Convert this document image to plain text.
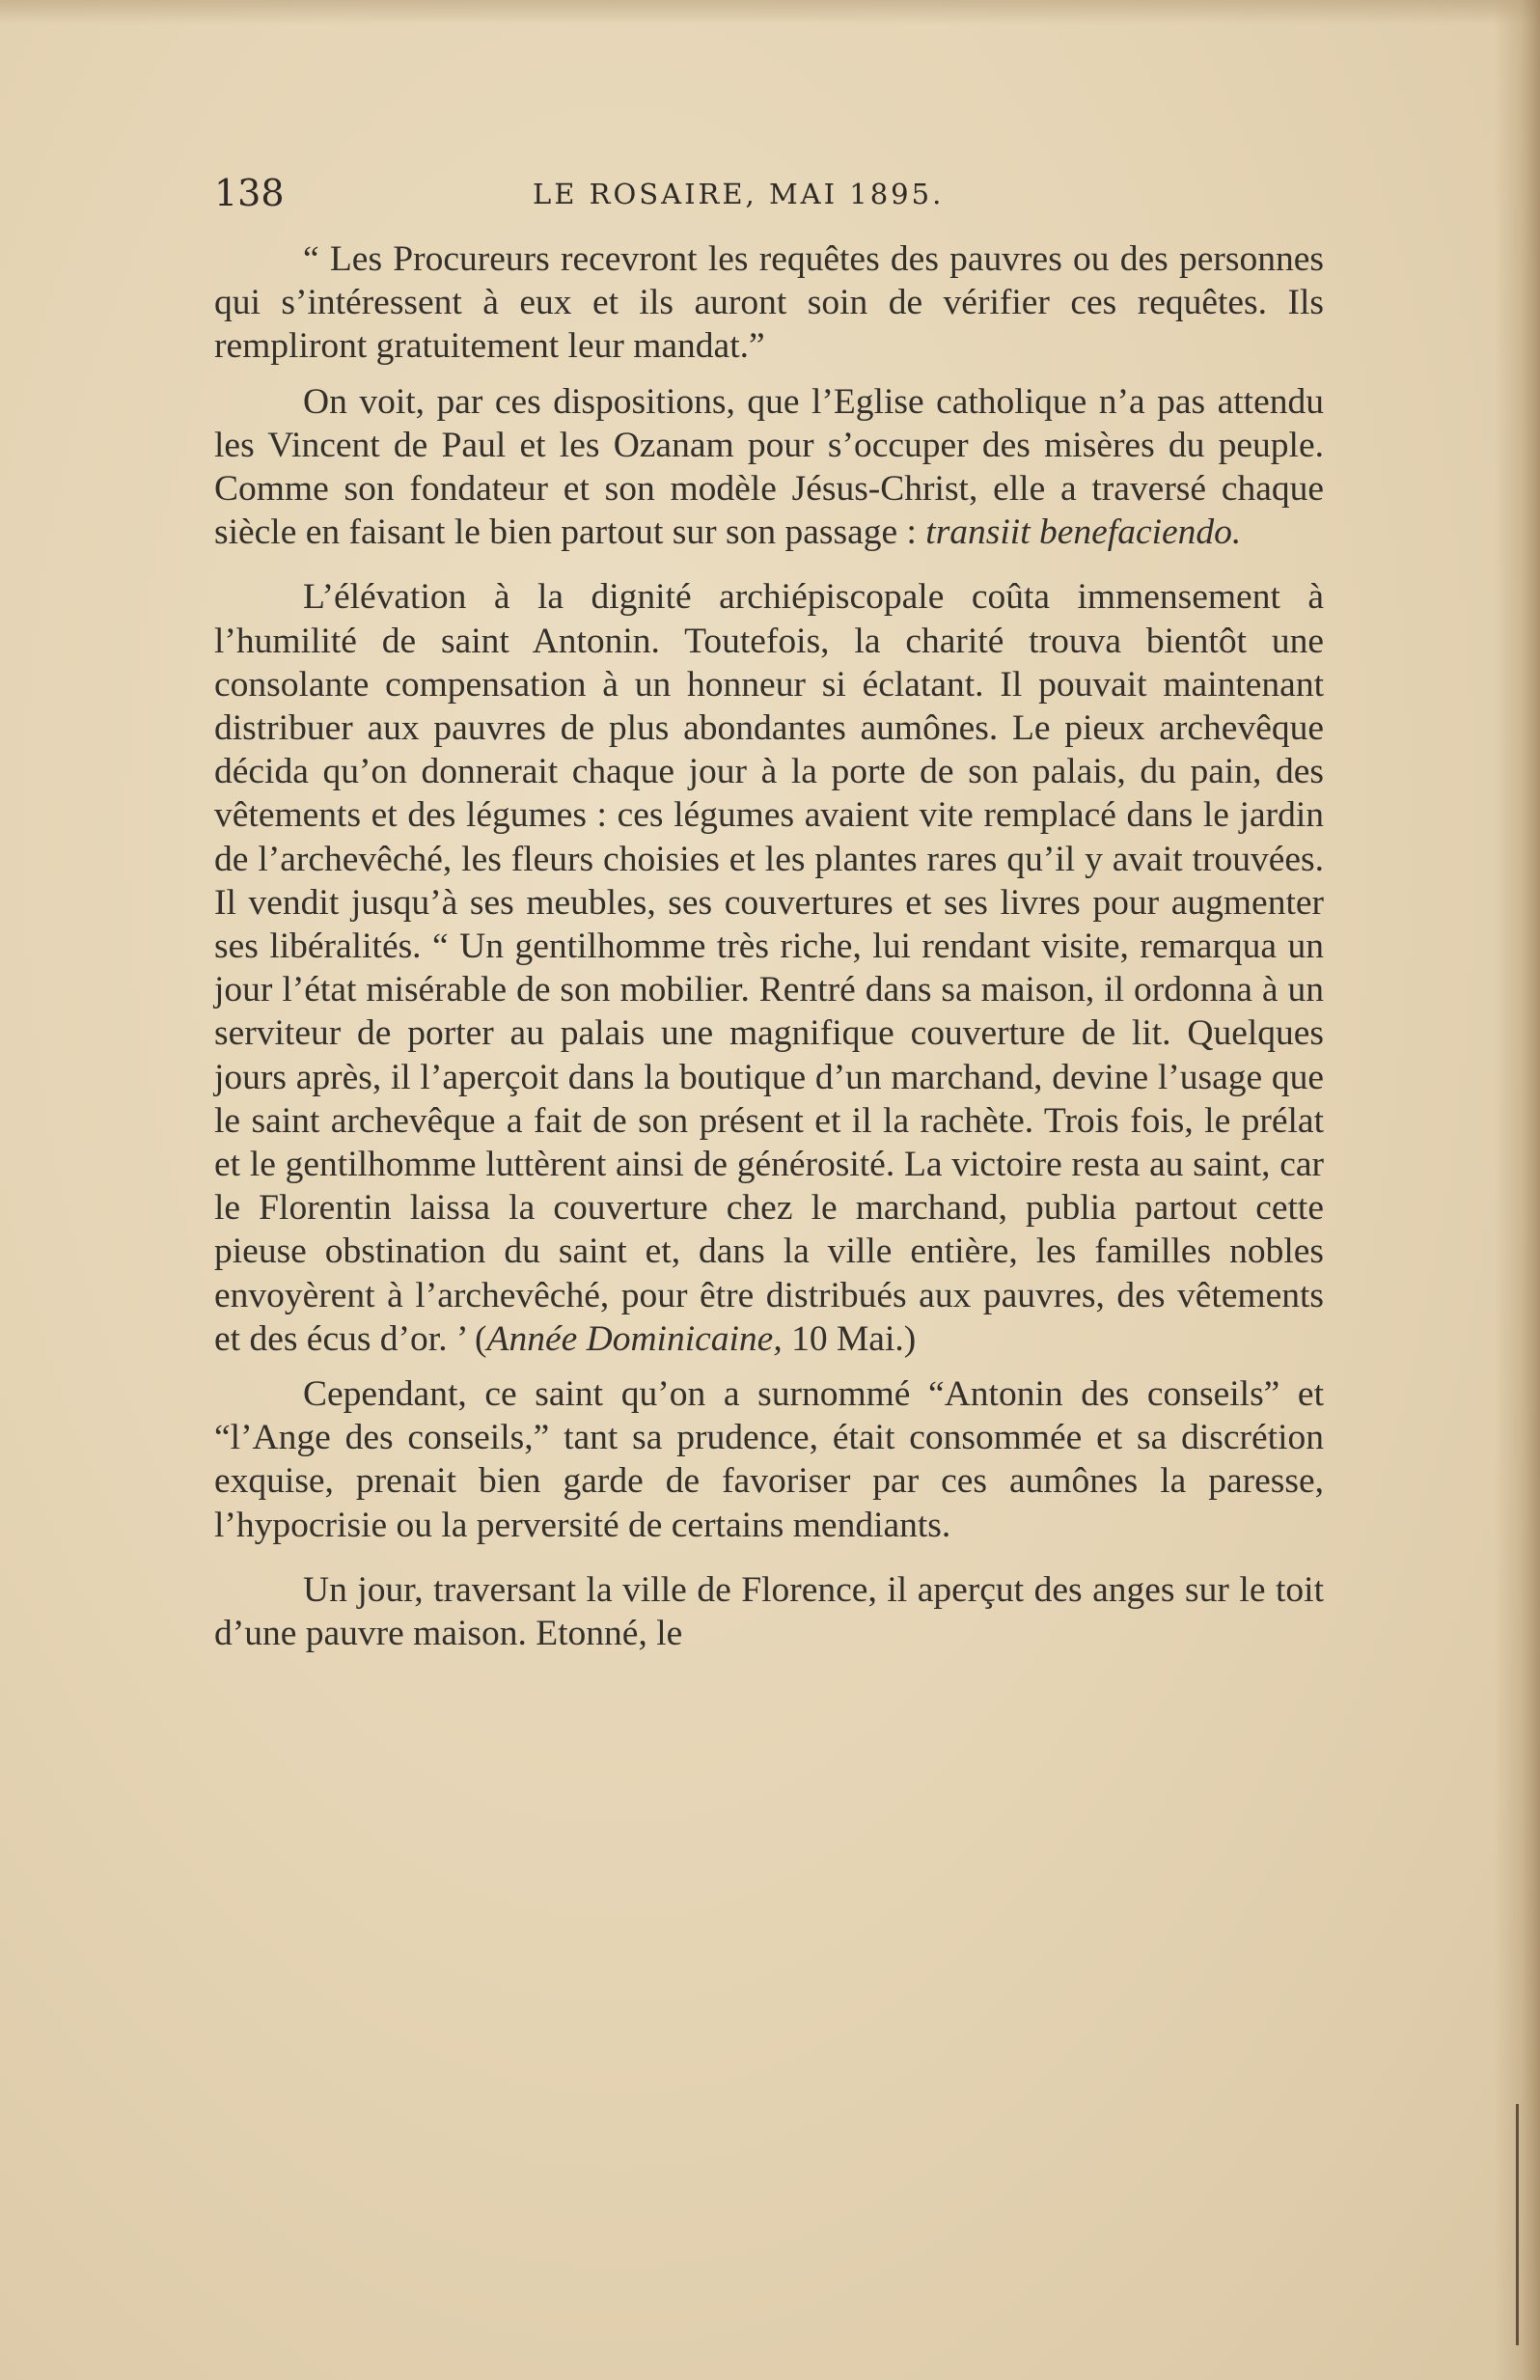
138	LE ROSAIRE, MAI 1895.

“ Les Procureurs recevront les requêtes des pauvres ou des personnes qui s’intéressent à eux et ils auront soin de vérifier ces requêtes. Ils rempliront gratuitement leur mandat.”

On voit, par ces dispositions, que l’Eglise catholique n’a pas attendu les Vincent de Paul et les Ozanam pour s’occuper des misères du peuple. Comme son fondateur et son modèle Jésus-Christ, elle a traversé chaque siècle en faisant le bien partout sur son passage : transiit benefaciendo.

L’élévation à la dignité archiépiscopale coûta immensement à l’humilité de saint Antonin. Toutefois, la charité trouva bientôt une consolante compensation à un honneur si éclatant. Il pouvait maintenant distribuer aux pauvres de plus abondantes aumônes. Le pieux archevêque décida qu’on donnerait chaque jour à la porte de son palais, du pain, des vêtements et des légumes : ces légumes avaient vite remplacé dans le jardin de l’archevêché, les fleurs choisies et les plantes rares qu’il y avait trouvées. Il vendit jusqu’à ses meubles, ses couvertures et ses livres pour augmenter ses libéralités. “ Un gentilhomme très riche, lui rendant visite, remarqua un jour l’état misérable de son mobilier. Rentré dans sa maison, il ordonna à un serviteur de porter au palais une magnifique couverture de lit. Quelques jours après, il l’aperçoit dans la boutique d’un marchand, devine l’usage que le saint archevêque a fait de son présent et il la rachète. Trois fois, le prélat et le gentilhomme luttèrent ainsi de générosité. La victoire resta au saint, car le Florentin laissa la couverture chez le marchand, publia partout cette pieuse obstination du saint et, dans la ville entière, les familles nobles envoyèrent à l’archevêché, pour être distribués aux pauvres, des vêtements et des écus d’or. ’ (Année Dominicaine, 10 Mai.)

Cependant, ce saint qu’on a surnommé “Antonin des conseils” et “l’Ange des conseils,” tant sa prudence, était consommée et sa discrétion exquise, prenait bien garde de favoriser par ces aumônes la paresse, l’hypocrisie ou la perversité de certains mendiants.

Un jour, traversant la ville de Florence, il aperçut des anges sur le toit d’une pauvre maison. Etonné, le
